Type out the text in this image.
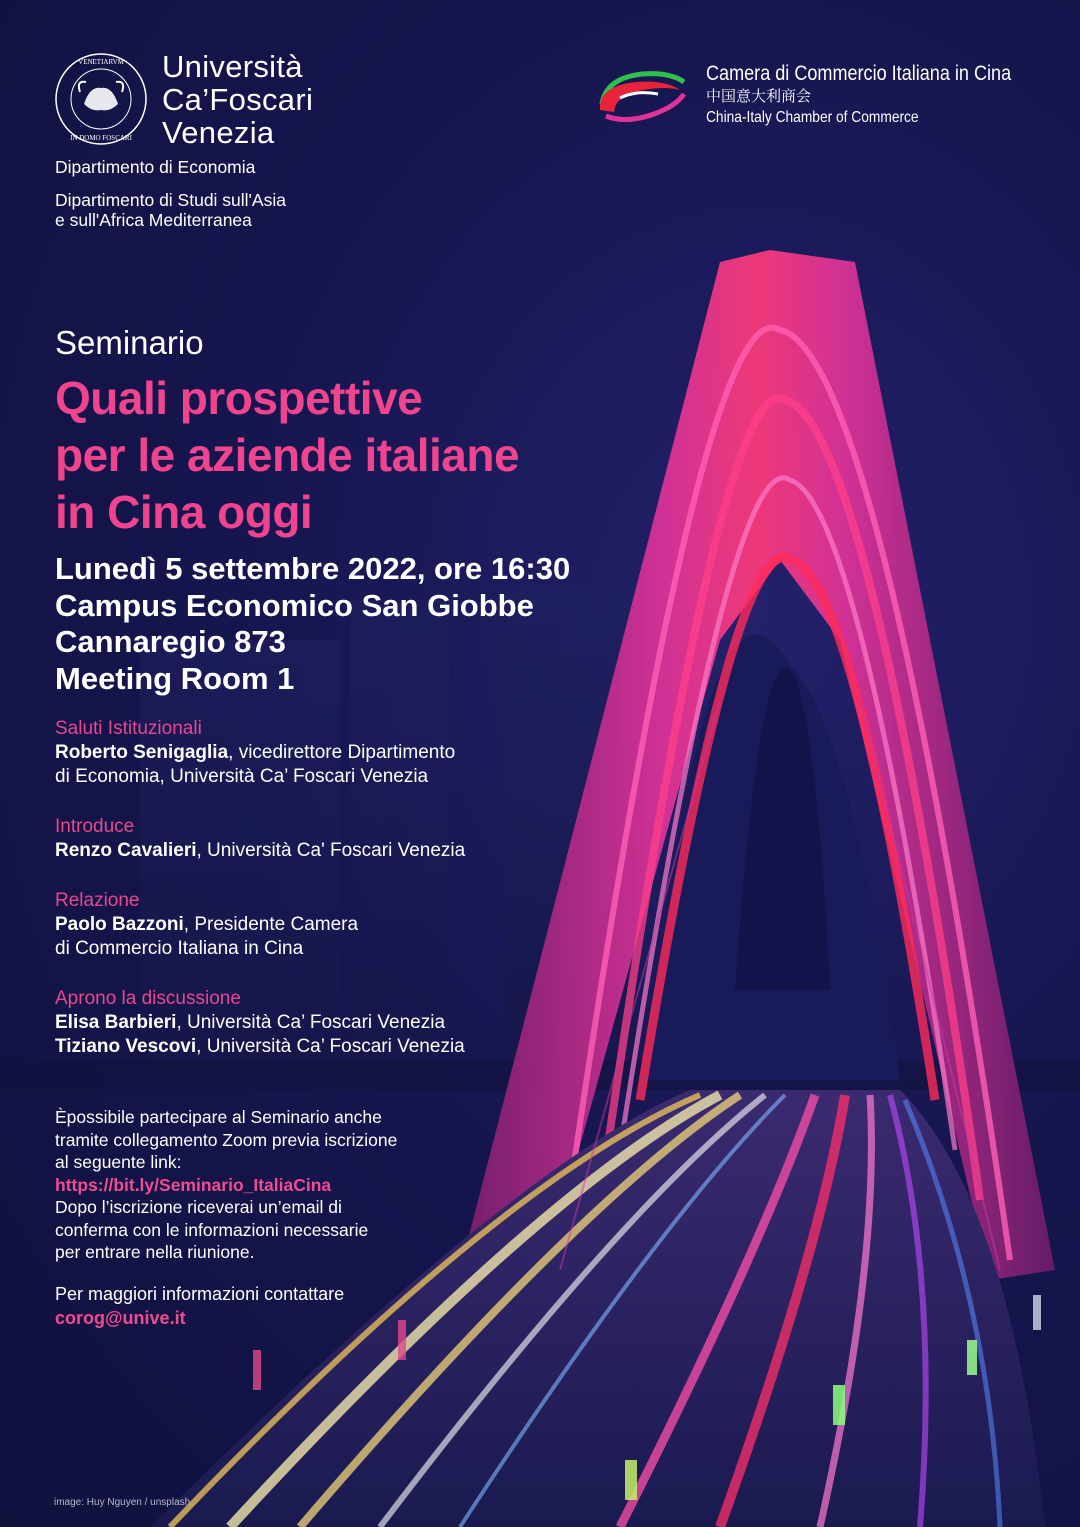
VENETIARVM
IN DOMO FOSCARI
Università
Ca’Foscari
Venezia
Dipartimento di Economia
Dipartimento di Studi sull'Asia
e sull'Africa Mediterranea
Camera di Commercio Italiana in Cina
中国意大利商会
China-Italy Chamber of Commerce
Seminario
Quali prospettive
per le aziende italiane
in Cina oggi
Lunedì 5 settembre 2022, ore 16:30
Campus Economico San Giobbe
Cannaregio 873
Meeting Room 1
Saluti Istituzionali
Roberto Senigaglia, vicedirettore Dipartimento
di Economia, Università Ca’ Foscari Venezia
Introduce
Renzo Cavalieri, Università Ca' Foscari Venezia
Relazione
Paolo Bazzoni, Presidente Camera
di Commercio Italiana in Cina
Aprono la discussione
Elisa Barbieri, Università Ca’ Foscari Venezia
Tiziano Vescovi, Università Ca’ Foscari Venezia
Èpossibile partecipare al Seminario anche
tramite collegamento Zoom previa iscrizione
al seguente link:
https://bit.ly/Seminario_ItaliaCina
Dopo l’iscrizione riceverai un’email di
conferma con le informazioni necessarie
per entrare nella riunione.
Per maggiori informazioni contattare
corog@unive.it
image: Huy Nguyen / unsplash
